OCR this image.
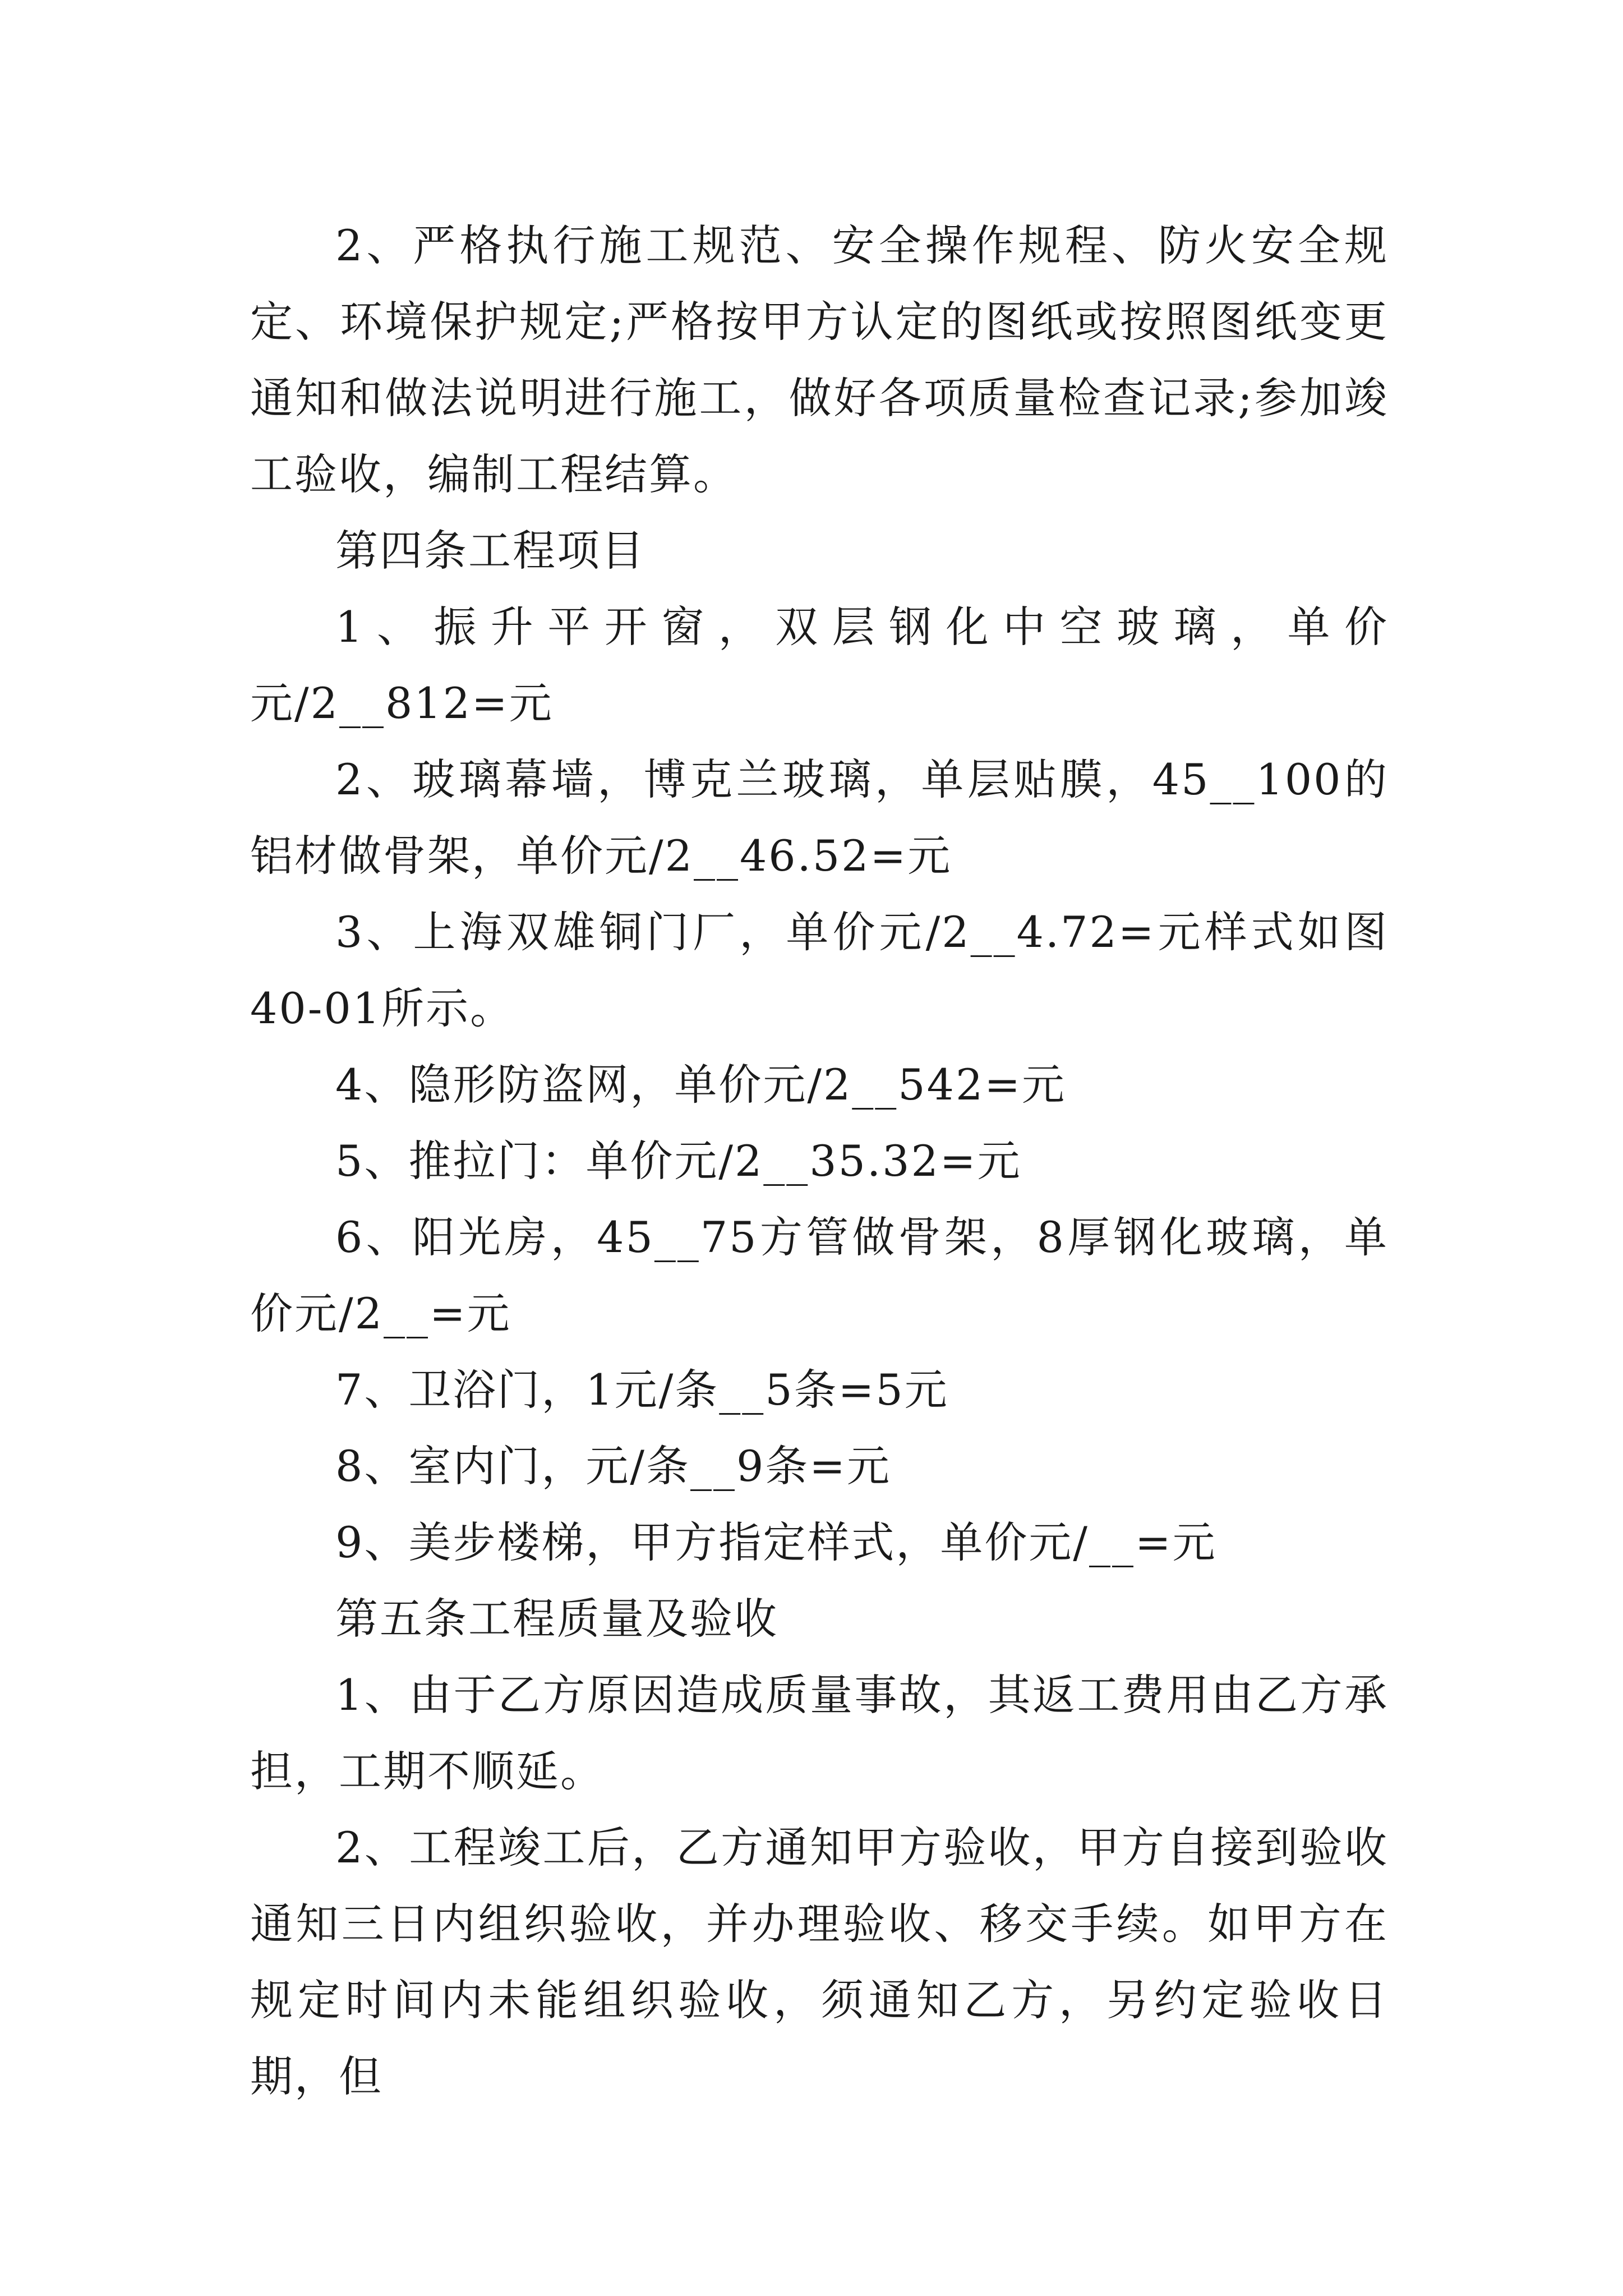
2、严格执行施工规范、安全操作规程、防火安全规定、环境保护规定;严格按甲方认定的图纸或按照图纸变更通知和做法说明进行施工，做好各项质量检查记录;参加竣工验收，编制工程结算。

第四条工程项目

1、振升平开窗，双层钢化中空玻璃，单价元/2__812=元

2、玻璃幕墙，博克兰玻璃，单层贴膜，45__100的铝材做骨架，单价元/2__46.52=元

3、上海双雄铜门厂，单价元/2__4.72=元样式如图40-01所示。

4、隐形防盗网，单价元/2__542=元

5、推拉门：单价元/2__35.32=元

6、阳光房，45__75方管做骨架，8厚钢化玻璃，单价元/2__=元

7、卫浴门，1元/条__5条=5元

8、室内门，元/条__9条=元

9、美步楼梯，甲方指定样式，单价元/__=元

第五条工程质量及验收

1、由于乙方原因造成质量事故，其返工费用由乙方承担，工期不顺延。

2、工程竣工后，乙方通知甲方验收，甲方自接到验收通知三日内组织验收，并办理验收、移交手续。如甲方在规定时间内未能组织验收，须通知乙方，另约定验收日期，但
